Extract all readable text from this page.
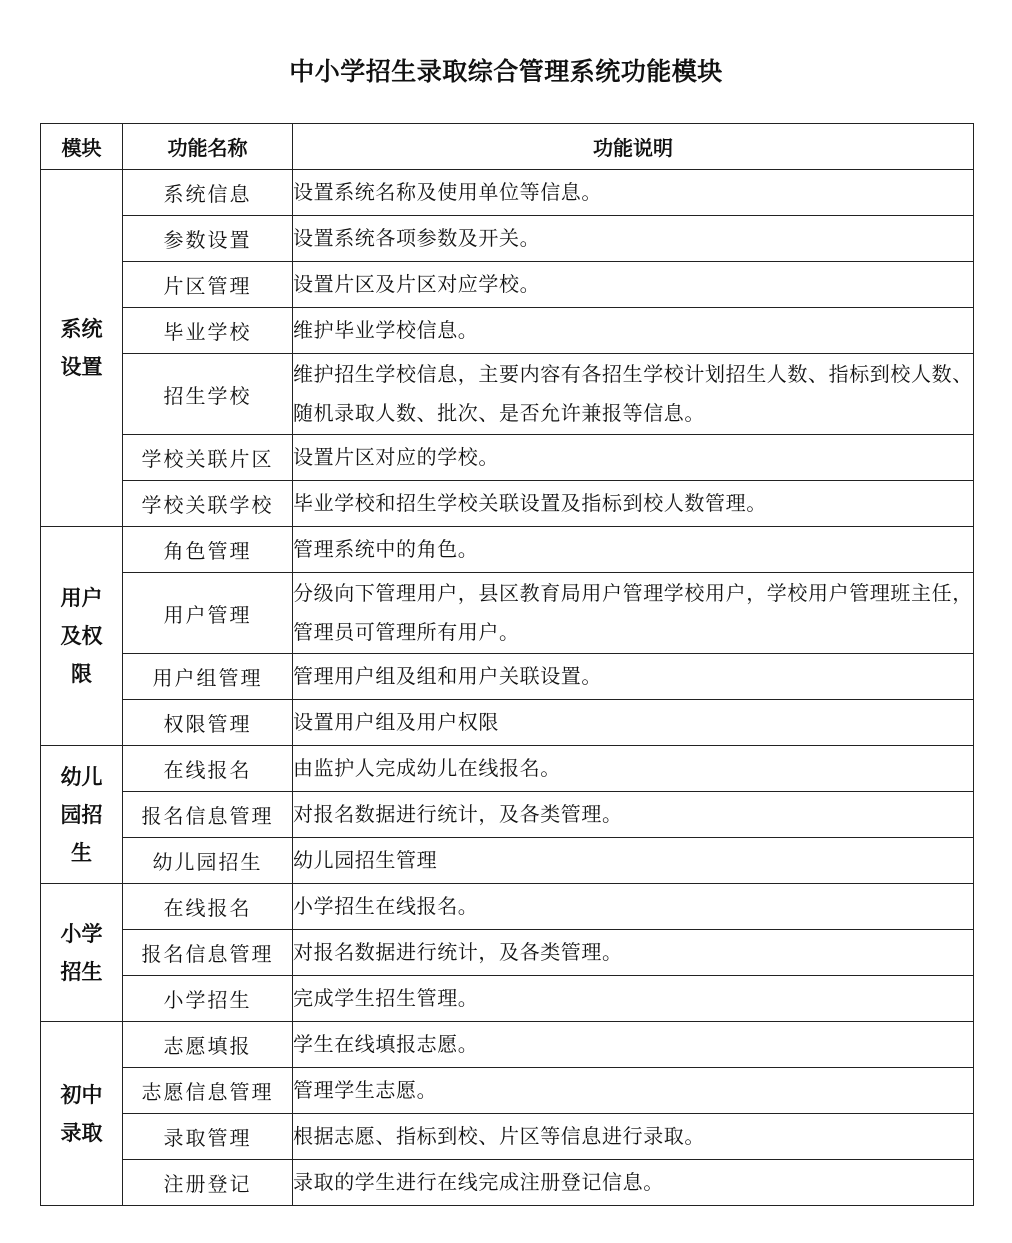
中小学招生录取综合管理系统功能模块
模块	功能名称	功能说明
系统设置	系统信息	设置系统名称及使用单位等信息。
	参数设置	设置系统各项参数及开关。
	片区管理	设置片区及片区对应学校。
	毕业学校	维护毕业学校信息。
	招生学校	维护招生学校信息，主要内容有各招生学校计划招生人数、指标到校人数、随机录取人数、批次、是否允许兼报等信息。
	学校关联片区	设置片区对应的学校。
	学校关联学校	毕业学校和招生学校关联设置及指标到校人数管理。
用户及权限	角色管理	管理系统中的角色。
	用户管理	分级向下管理用户，县区教育局用户管理学校用户，学校用户管理班主任，管理员可管理所有用户。
	用户组管理	管理用户组及组和用户关联设置。
	权限管理	设置用户组及用户权限
幼儿园招生	在线报名	由监护人完成幼儿在线报名。
	报名信息管理	对报名数据进行统计，及各类管理。
	幼儿园招生	幼儿园招生管理
小学招生	在线报名	小学招生在线报名。
	报名信息管理	对报名数据进行统计，及各类管理。
	小学招生	完成学生招生管理。
初中录取	志愿填报	学生在线填报志愿。
	志愿信息管理	管理学生志愿。
	录取管理	根据志愿、指标到校、片区等信息进行录取。
	注册登记	录取的学生进行在线完成注册登记信息。
